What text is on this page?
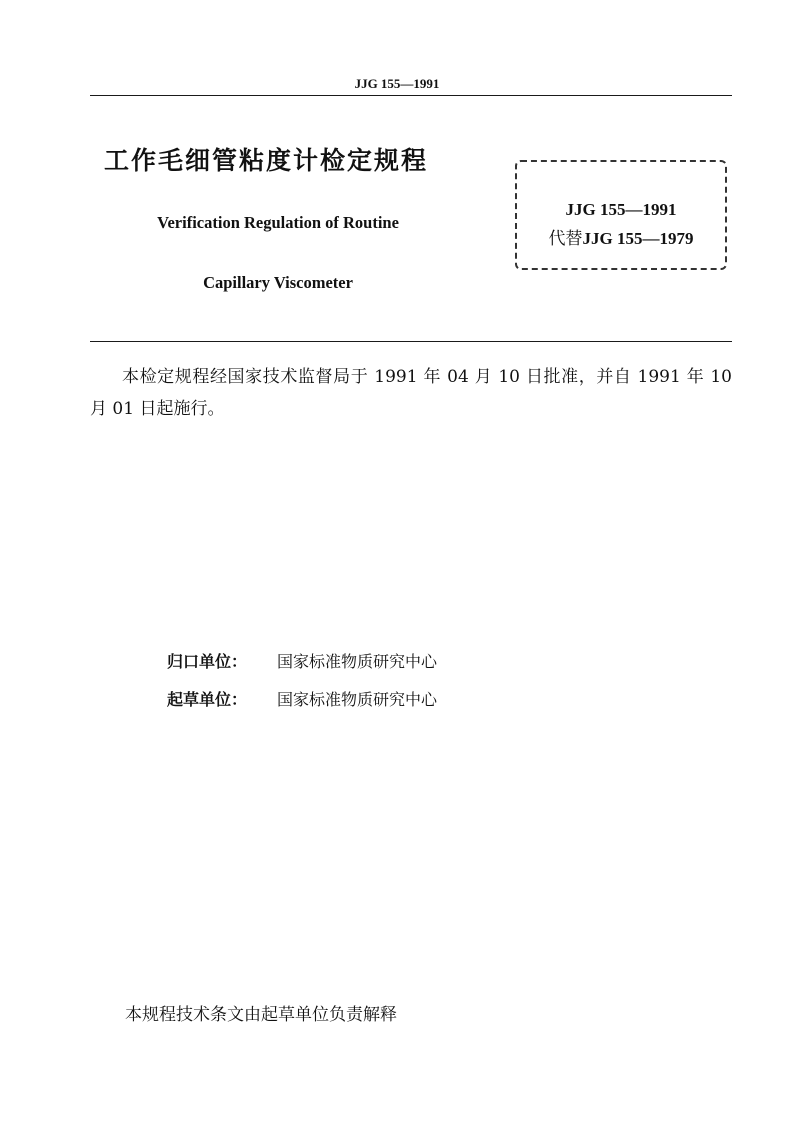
JJG 155—1991
工作毛细管粘度计检定规程
Verification Regulation of Routine
Capillary Viscometer
JJG 155—1991
代替JJG 155—1979
本检定规程经国家技术监督局于 1991 年 04 月 10 日批准，并自 1991 年 10 月 01 日起施行。
归口单位： 国家标准物质研究中心
起草单位： 国家标准物质研究中心
本规程技术条文由起草单位负责解释
